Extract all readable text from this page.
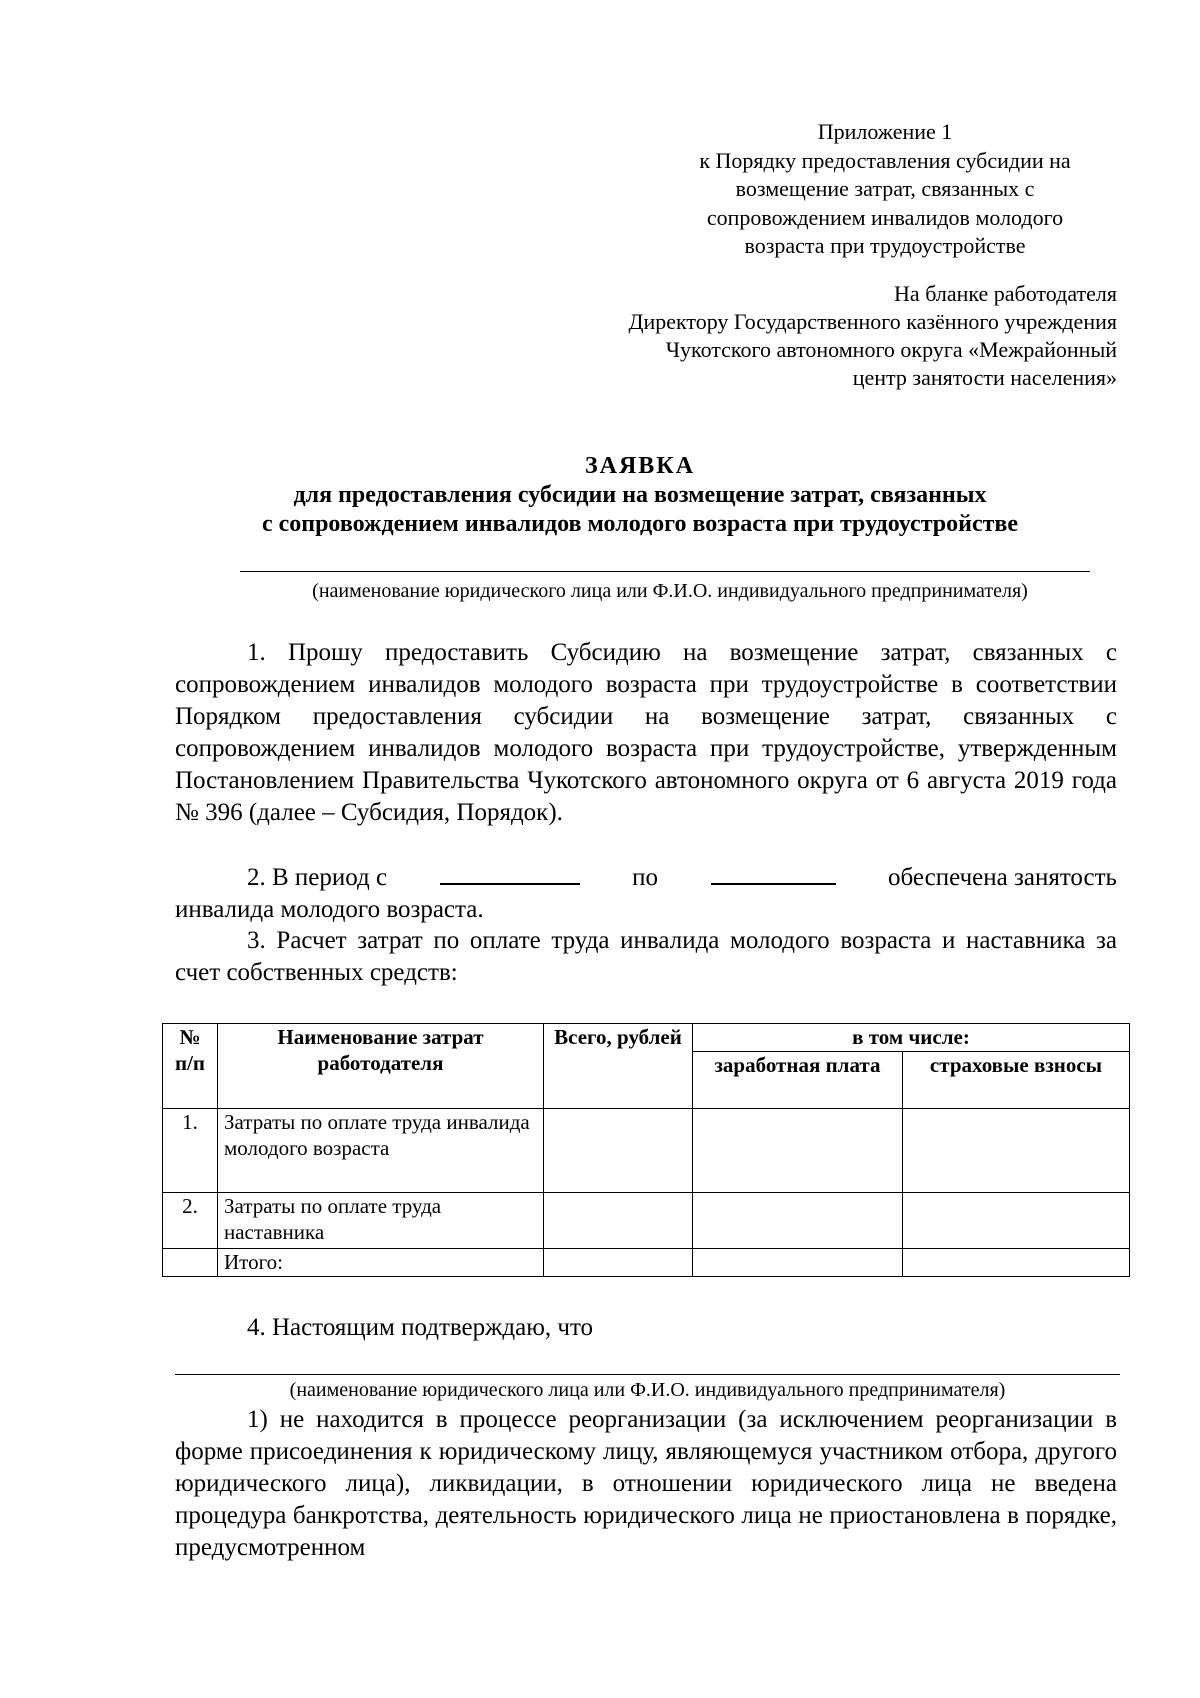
Приложение 1
к Порядку предоставления субсидии на
возмещение затрат, связанных с
сопровождением инвалидов молодого
возраста при трудоустройстве
На бланке работодателя
Директору Государственного казённого учреждения
Чукотского автономного округа «Межрайонный
центр занятости населения»
ЗАЯВКА
для предоставления субсидии на возмещение затрат, связанных
с сопровождением инвалидов молодого возраста при трудоустройстве
(наименование юридического лица или Ф.И.О. индивидуального предпринимателя)
1. Прошу предоставить Субсидию на возмещение затрат, связанных с сопровождением инвалидов молодого возраста при трудоустройстве в соответствии Порядком предоставления субсидии на возмещение затрат, связанных с сопровождением инвалидов молодого возраста при трудоустройстве, утвержденным Постановлением Правительства Чукотского автономного округа от 6 августа 2019 года № 396 (далее – Субсидия, Порядок).
2. В период с	по	обеспечена занятость
инвалида молодого возраста.
3. Расчет затрат по оплате труда инвалида молодого возраста и наставника за счет собственных средств:
№ п/п	Наименование затрат работодателя	Всего, рублей	в том числе:	
			заработная плата	страховые взносы
1.	Затраты по оплате труда инвалида молодого возраста			
2.	Затраты по оплате труда наставника			
	Итого:			
4. Настоящим подтверждаю, что
(наименование юридического лица или Ф.И.О. индивидуального предпринимателя)
1) не находится в процессе реорганизации (за исключением реорганизации в форме присоединения к юридическому лицу, являющемуся участником отбора, другого юридического лица), ликвидации, в отношении юридического лица не введена процедура банкротства, деятельность юридического лица не приостановлена в порядке, предусмотренном
